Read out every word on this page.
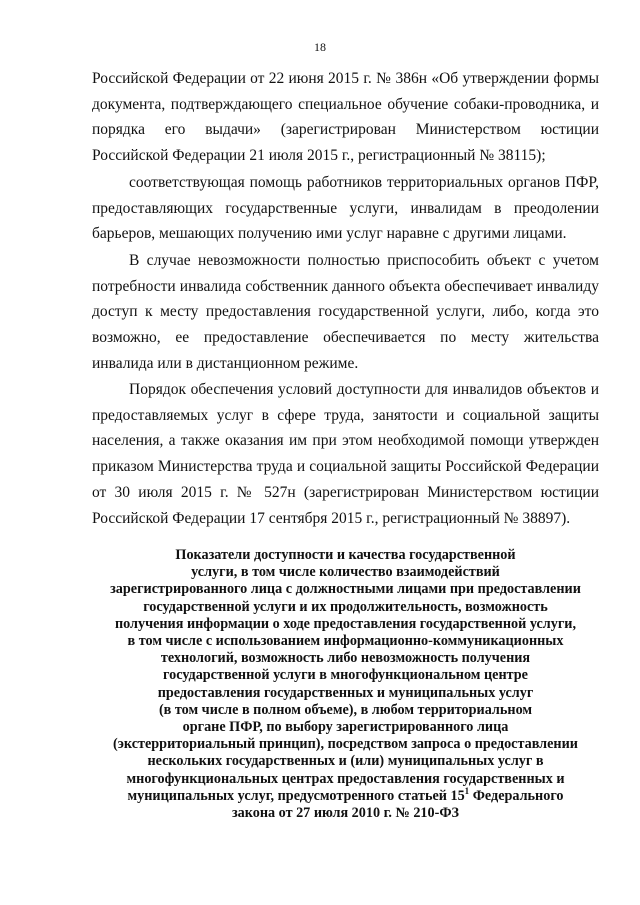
18

Российской Федерации от 22 июня 2015 г. № 386н «Об утверждении формы документа, подтверждающего специальное обучение собаки-проводника, и порядка его выдачи» (зарегистрирован Министерством юстиции Российской Федерации 21 июля 2015 г., регистрационный № 38115);

соответствующая помощь работников территориальных органов ПФР, предоставляющих государственные услуги, инвалидам в преодолении барьеров, мешающих получению ими услуг наравне с другими лицами.

В случае невозможности полностью приспособить объект с учетом потребности инвалида собственник данного объекта обеспечивает инвалиду доступ к месту предоставления государственной услуги, либо, когда это возможно, ее предоставление обеспечивается по месту жительства инвалида или в дистанционном режиме.

Порядок обеспечения условий доступности для инвалидов объектов и предоставляемых услуг в сфере труда, занятости и социальной защиты населения, а также оказания им при этом необходимой помощи утвержден приказом Министерства труда и социальной защиты Российской Федерации от 30 июля 2015 г. № 527н (зарегистрирован Министерством юстиции Российской Федерации 17 сентября 2015 г., регистрационный № 38897).

Показатели доступности и качества государственной
услуги, в том числе количество взаимодействий
зарегистрированного лица с должностными лицами при предоставлении
государственной услуги и их продолжительность, возможность
получения информации о ходе предоставления государственной услуги,
в том числе с использованием информационно-коммуникационных
технологий, возможность либо невозможность получения
государственной услуги в многофункциональном центре
предоставления государственных и муниципальных услуг
(в том числе в полном объеме), в любом территориальном
органе ПФР, по выбору зарегистрированного лица
(экстерриториальный принцип), посредством запроса о предоставлении
нескольких государственных и (или) муниципальных услуг в
многофункциональных центрах предоставления государственных и
муниципальных услуг, предусмотренного статьей $15^1$ Федерального
закона от 27 июля 2010 г. № 210-ФЗ
